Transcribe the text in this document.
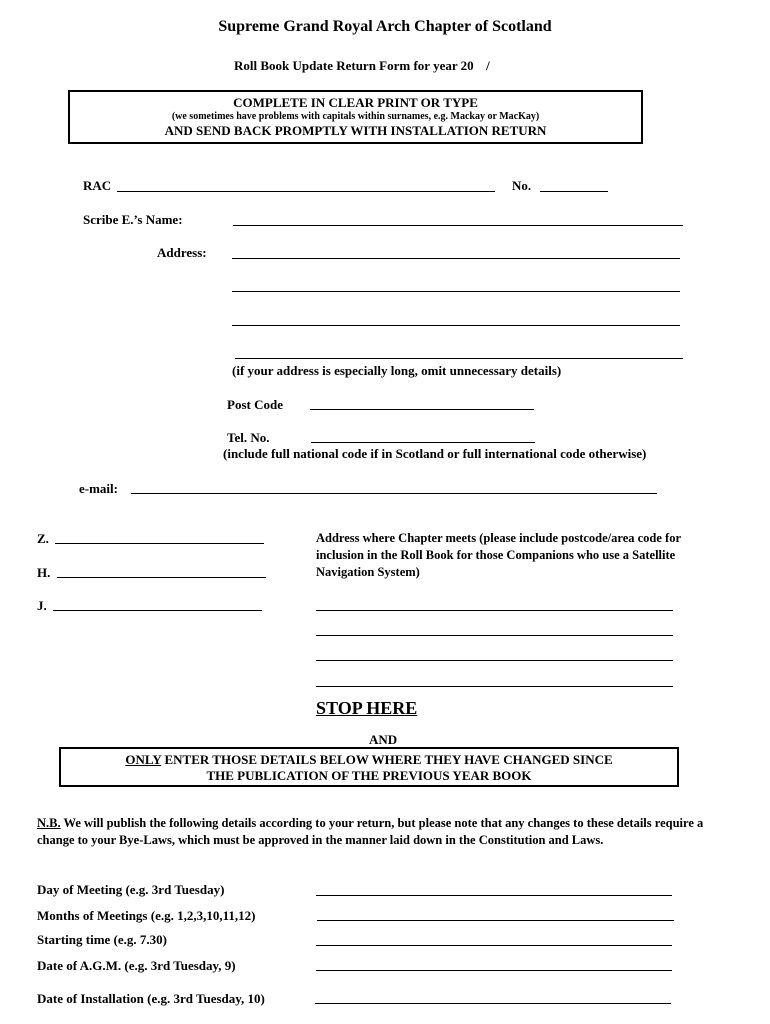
Supreme Grand Royal Arch Chapter of Scotland
Roll Book Update Return Form for year 20 /
COMPLETE IN CLEAR PRINT OR TYPE
(we sometimes have problems with capitals within surnames, e.g. Mackay or MacKay)
AND SEND BACK PROMPTLY WITH INSTALLATION RETURN
RAC	No.
Scribe E.’s Name:
Address:
(if your address is especially long, omit unnecessary details)
Post Code
Tel. No.
(include full national code if in Scotland or full international code otherwise)
e-mail:
Z.
H.
J.
Address where Chapter meets (please include postcode/area code for inclusion in the Roll Book for those Companions who use a Satellite Navigation System)
STOP HERE
AND
ONLY ENTER THOSE DETAILS BELOW WHERE THEY HAVE CHANGED SINCE
THE PUBLICATION OF THE PREVIOUS YEAR BOOK
N.B. We will publish the following details according to your return, but please note that any changes to these details require a change to your Bye-Laws, which must be approved in the manner laid down in the Constitution and Laws.
Day of Meeting (e.g. 3rd Tuesday)
Months of Meetings (e.g. 1,2,3,10,11,12)
Starting time (e.g. 7.30)
Date of A.G.M. (e.g. 3rd Tuesday, 9)
Date of Installation (e.g. 3rd Tuesday, 10)
